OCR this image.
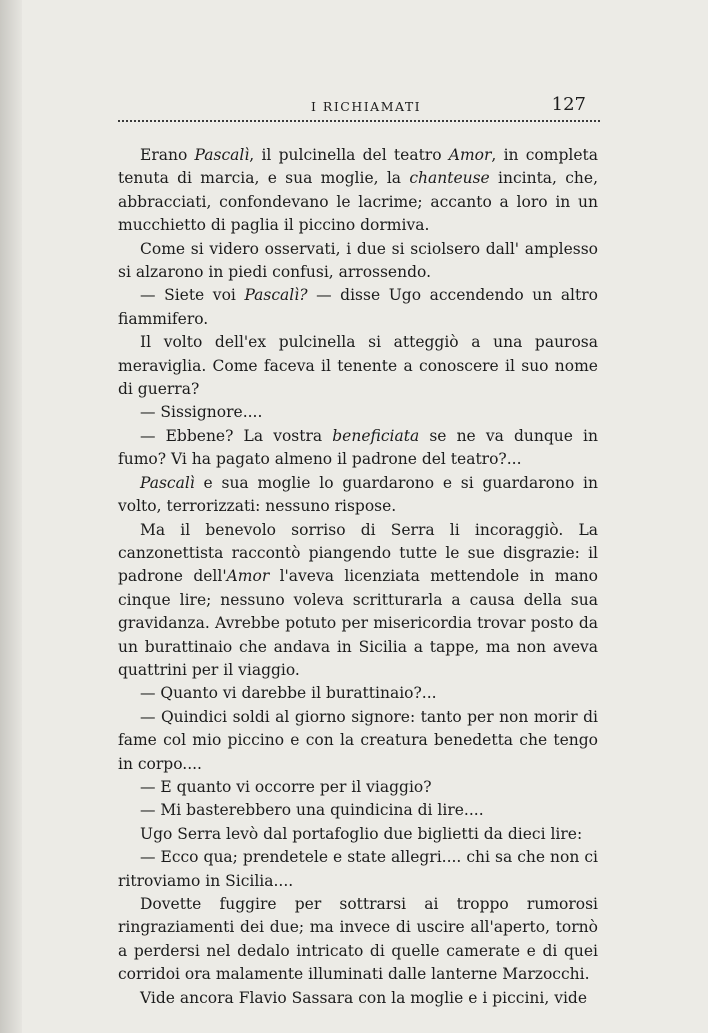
I RICHIAMATI	127

Erano Pascalì, il pulcinella del teatro Amor, in completa tenuta di marcia, e sua moglie, la chanteuse incinta, che, abbracciati, confondevano le lacrime; accanto a loro in un mucchietto di paglia il piccino dormiva.

Come si videro osservati, i due si sciolsero dall' amplesso si alzarono in piedi confusi, arrossendo.

— Siete voi Pascalì? — disse Ugo accendendo un altro fiammifero.

Il volto dell'ex pulcinella si atteggiò a una paurosa meraviglia. Come faceva il tenente a conoscere il suo nome di guerra?

— Sissignore....

— Ebbene? La vostra beneficiata se ne va dunque in fumo? Vi ha pagato almeno il padrone del teatro?...

Pascalì e sua moglie lo guardarono e si guardarono in volto, terrorizzati: nessuno rispose.

Ma il benevolo sorriso di Serra li incoraggiò. La canzonettista raccontò piangendo tutte le sue disgrazie: il padrone dell'Amor l'aveva licenziata mettendole in mano cinque lire; nessuno voleva scritturarla a causa della sua gravidanza. Avrebbe potuto per misericordia trovar posto da un burattinaio che andava in Sicilia a tappe, ma non aveva quattrini per il viaggio.

— Quanto vi darebbe il burattinaio?...

— Quindici soldi al giorno signore: tanto per non morir di fame col mio piccino e con la creatura benedetta che tengo in corpo....

— E quanto vi occorre per il viaggio?

— Mi basterebbero una quindicina di lire....

Ugo Serra levò dal portafoglio due biglietti da dieci lire:

— Ecco qua; prendetele e state allegri.... chi sa che non ci ritroviamo in Sicilia....

Dovette fuggire per sottrarsi ai troppo rumorosi ringraziamenti dei due; ma invece di uscire all'aperto, tornò a perdersi nel dedalo intricato di quelle camerate e di quei corridoi ora malamente illuminati dalle lanterne Marzocchi.

Vide ancora Flavio Sassara con la moglie e i piccini, vide
